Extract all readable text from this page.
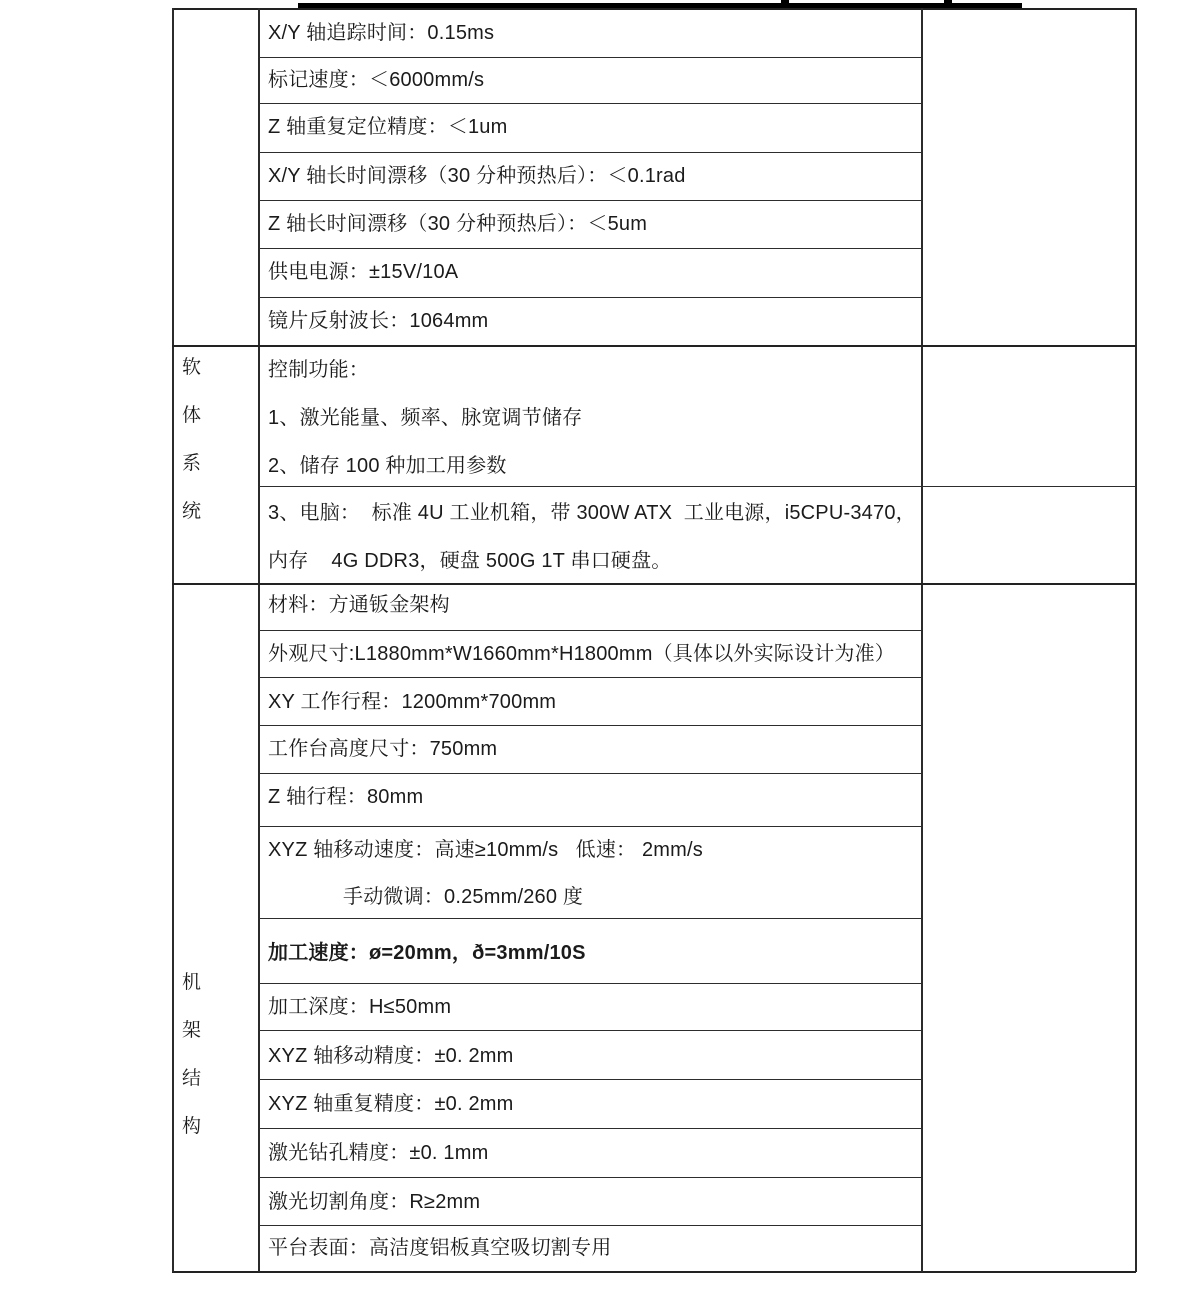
X/Y 轴追踪时间：0.15ms
标记速度：＜6000mm/s
Z 轴重复定位精度：＜1um
X/Y 轴长时间漂移（30 分种预热后）：＜0.1rad
Z 轴长时间漂移（30 分种预热后）：＜5um
供电电源：±15V/10A
镜片反射波长：1064mm
软
体
系
统
控制功能：
1、激光能量、频率、脉宽调节储存
2、储存 100 种加工用参数
3、电脑：  标准 4U 工业机箱，带 300W ATX  工业电源，i5CPU-3470，
内存    4G DDR3，硬盘 500G 1T 串口硬盘。
机
架
结
构
材料：方通钣金架构
外观尺寸:L1880mm*W1660mm*H1800mm（具体以外实际设计为准）
XY 工作行程：1200mm*700mm
工作台高度尺寸：750mm
Z 轴行程：80mm
XYZ 轴移动速度：高速≥10mm/s   低速： 2mm/s
手动微调：0.25mm/260 度
加工速度：ø=20mm，ð=3mm/10S
加工深度：H≤50mm
XYZ 轴移动精度：±0. 2mm
XYZ 轴重复精度：±0. 2mm
激光钻孔精度：±0. 1mm
激光切割角度：R≥2mm
平台表面：高洁度铝板真空吸切割专用
